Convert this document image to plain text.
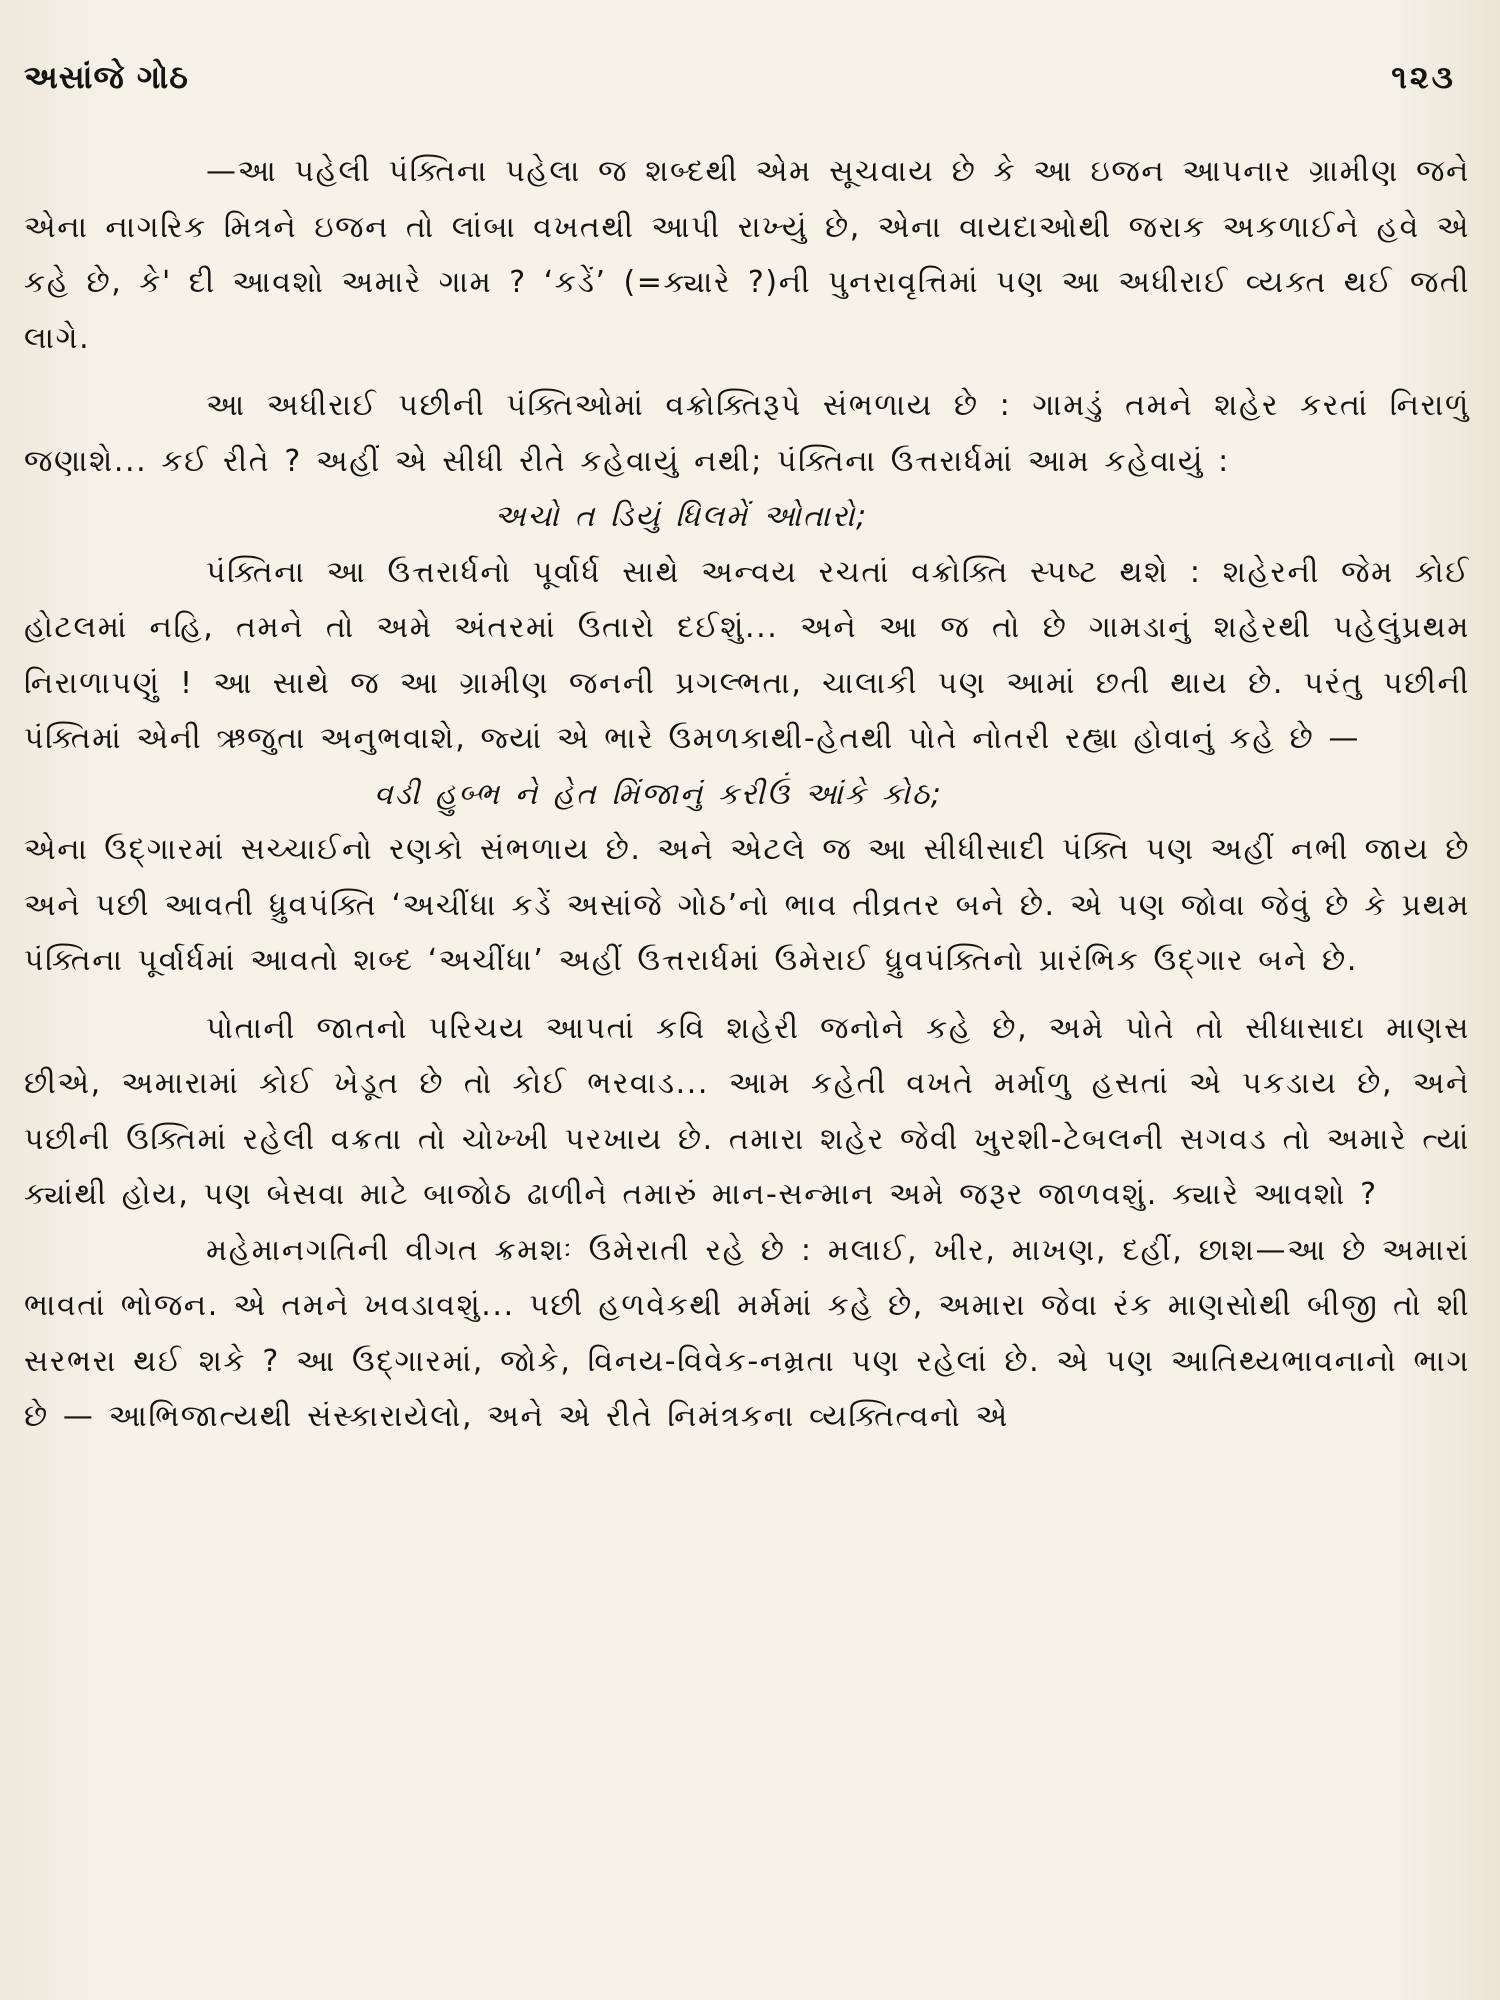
અસાંજે ગોઠ	૧૨૩

—આ પહેલી પંક્તિના પહેલા જ શબ્દથી એમ સૂચવાય છે કે આ ઇજન આપનાર ગ્રામીણ જને એના નાગરિક મિત્રને ઇજન તો લાંબા વખતથી આપી રાખ્યું છે, એના વાયદાઓથી જરાક અકળાઈને હવે એ કહે છે, કે' દી આવશો અમારે ગામ ? ‘કડેં’ (=ક્યારે ?)ની પુનરાવૃત્તિમાં પણ આ અધીરાઈ વ્યક્ત થઈ જતી લાગે.

આ અધીરાઈ પછીની પંક્તિઓમાં વક્રોક્તિરૂપે સંભળાય છે : ગામડું તમને શહેર કરતાં નિરાળું જણાશે... કઈ રીતે ? અહીં એ સીધી રીતે કહેવાયું નથી; પંક્તિના ઉત્તરાર્ધમાં આમ કહેવાયું :

અચો ત ડિયું ધિલમેં ઓતારો;

પંક્તિના આ ઉત્તરાર્ધનો પૂર્વાર્ધ સાથે અન્વય રચતાં વક્રોક્તિ સ્પષ્ટ થશે : શહેરની જેમ કોઈ હોટલમાં નહિ, તમને તો અમે અંતરમાં ઉતારો દઈશું... અને આ જ તો છે ગામડાનું શહેરથી પહેલુંપ્રથમ નિરાળાપણું ! આ સાથે જ આ ગ્રામીણ જનની પ્રગલ્ભતા, ચાલાકી પણ આમાં છતી થાય છે. પરંતુ પછીની પંક્તિમાં એની ઋજુતા અનુભવાશે, જ્યાં એ ભારે ઉમળકાથી-હેતથી પોતે નોતરી રહ્યા હોવાનું કહે છે —

વડી હુબ્ભ ને હેત મિંજાનું કરીઉં આંકે કોઠ;

એના ઉદ્ગારમાં સચ્ચાઈનો રણકો સંભળાય છે. અને એટલે જ આ સીધીસાદી પંક્તિ પણ અહીં નભી જાય છે અને પછી આવતી ધ્રુવપંક્તિ ‘અચીંધા કડેં અસાંજે ગોઠ’નો ભાવ તીવ્રતર બને છે. એ પણ જોવા જેવું છે કે પ્રથમ પંક્તિના પૂર્વાર્ધમાં આવતો શબ્દ ‘અચીંધા’ અહીં ઉત્તરાર્ધમાં ઉમેરાઈ ધ્રુવપંક્તિનો પ્રારંભિક ઉદ્ગાર બને છે.

પોતાની જાતનો પરિચય આપતાં કવિ શહેરી જનોને કહે છે, અમે પોતે તો સીધાસાદા માણસ છીએ, અમારામાં કોઈ ખેડૂત છે તો કોઈ ભરવાડ... આમ કહેતી વખતે મર્માળુ હસતાં એ પકડાય છે, અને પછીની ઉક્તિમાં રહેલી વક્રતા તો ચોખ્ખી પરખાય છે. તમારા શહેર જેવી ખુરશી-ટેબલની સગવડ તો અમારે ત્યાં ક્યાંથી હોય, પણ બેસવા માટે બાજોઠ ઢાળીને તમારું માન-સન્માન અમે જરૂર જાળવશું. ક્યારે આવશો ?

મહેમાનગતિની વીગત ક્રમશઃ ઉમેરાતી રહે છે : મલાઈ, ખીર, માખણ, દહીં, છાશ—આ છે અમારાં ભાવતાં ભોજન. એ તમને ખવડાવશું... પછી હળવેકથી મર્મમાં કહે છે, અમારા જેવા રંક માણસોથી બીજી તો શી સરભરા થઈ શકે ? આ ઉદ્ગારમાં, જોકે, વિનય-વિવેક-નમ્રતા પણ રહેલાં છે. એ પણ આતિથ્યભાવનાનો ભાગ છે — આભિજાત્યથી સંસ્કારાયેલો, અને એ રીતે નિમંત્રકના વ્યક્તિત્વનો એ
